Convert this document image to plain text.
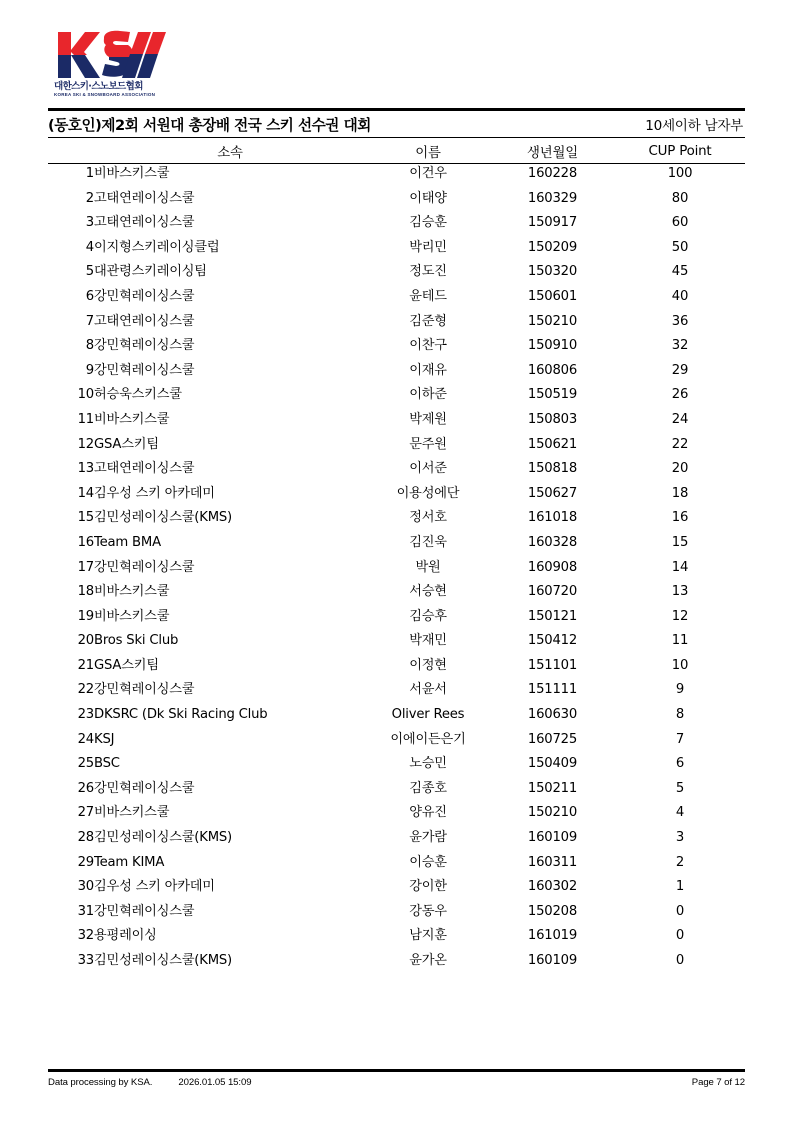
대한스키·스노보드협회
KOREA SKI & SNOWBOARD ASSOCIATION
(동호인)제2회 서원대 총장배 전국 스키 선수권 대회	10세이하 남자부
	소속	이름	생년월일	CUP Point
1	비바스키스쿨	이건우	160228	100
2	고태연레이싱스쿨	이태양	160329	80
3	고태연레이싱스쿨	김승훈	150917	60
4	이지형스키레이싱클럽	박리민	150209	50
5	대관령스키레이싱팀	정도진	150320	45
6	강민혁레이싱스쿨	윤테드	150601	40
7	고태연레이싱스쿨	김준형	150210	36
8	강민혁레이싱스쿨	이찬구	150910	32
9	강민혁레이싱스쿨	이재유	160806	29
10	허승욱스키스쿨	이하준	150519	26
11	비바스키스쿨	박제원	150803	24
12	GSA스키팀	문주원	150621	22
13	고태연레이싱스쿨	이서준	150818	20
14	김우성 스키 아카데미	이용성에단	150627	18
15	김민성레이싱스쿨(KMS)	정서호	161018	16
16	Team BMA	김진욱	160328	15
17	강민혁레이싱스쿨	박원	160908	14
18	비바스키스쿨	서승현	160720	13
19	비바스키스쿨	김승후	150121	12
20	Bros Ski Club	박재민	150412	11
21	GSA스키팀	이정현	151101	10
22	강민혁레이싱스쿨	서윤서	151111	9
23	DKSRC (Dk Ski Racing Club	Oliver Rees	160630	8
24	KSJ	이에이든은기	160725	7
25	BSC	노승민	150409	6
26	강민혁레이싱스쿨	김종호	150211	5
27	비바스키스쿨	양유진	150210	4
28	김민성레이싱스쿨(KMS)	윤가람	160109	3
29	Team KIMA	이승훈	160311	2
30	김우성 스키 아카데미	강이한	160302	1
31	강민혁레이싱스쿨	강동우	150208	0
32	용평레이싱	남지훈	161019	0
33	김민성레이싱스쿨(KMS)	윤가온	160109	0
Data processing by KSA.	2026.01.05 15:09	Page 7 of 12
